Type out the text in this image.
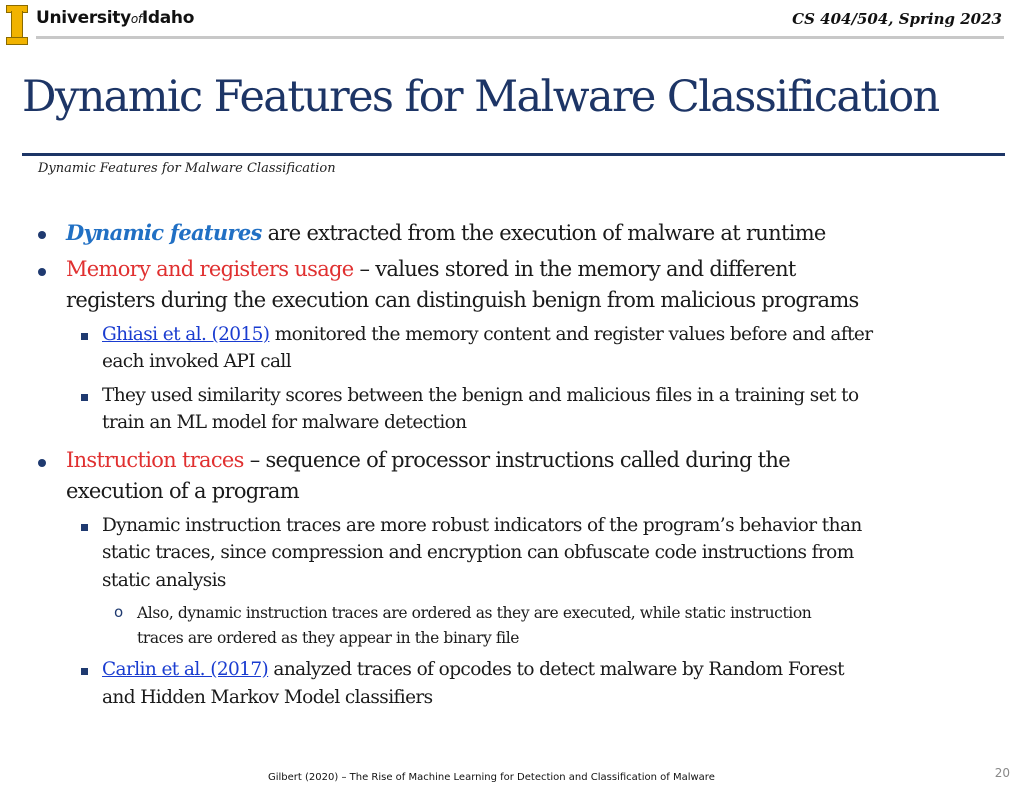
UniversityofIdaho	CS 404/504, Spring 2023
Dynamic Features for Malware Classification
Dynamic Features for Malware Classification
Dynamic features are extracted from the execution of malware at runtime
Memory and registers usage – values stored in the memory and different
registers during the execution can distinguish benign from malicious programs
Ghiasi et al. (2015) monitored the memory content and register values before and after
each invoked API call
They used similarity scores between the benign and malicious files in a training set to
train an ML model for malware detection
Instruction traces – sequence of processor instructions called during the
execution of a program
Dynamic instruction traces are more robust indicators of the program’s behavior than
static traces, since compression and encryption can obfuscate code instructions from
static analysis
o Also, dynamic instruction traces are ordered as they are executed, while static instruction
traces are ordered as they appear in the binary file
Carlin et al. (2017) analyzed traces of opcodes to detect malware by Random Forest
and Hidden Markov Model classifiers
Gilbert (2020) – The Rise of Machine Learning for Detection and Classification of Malware	20
